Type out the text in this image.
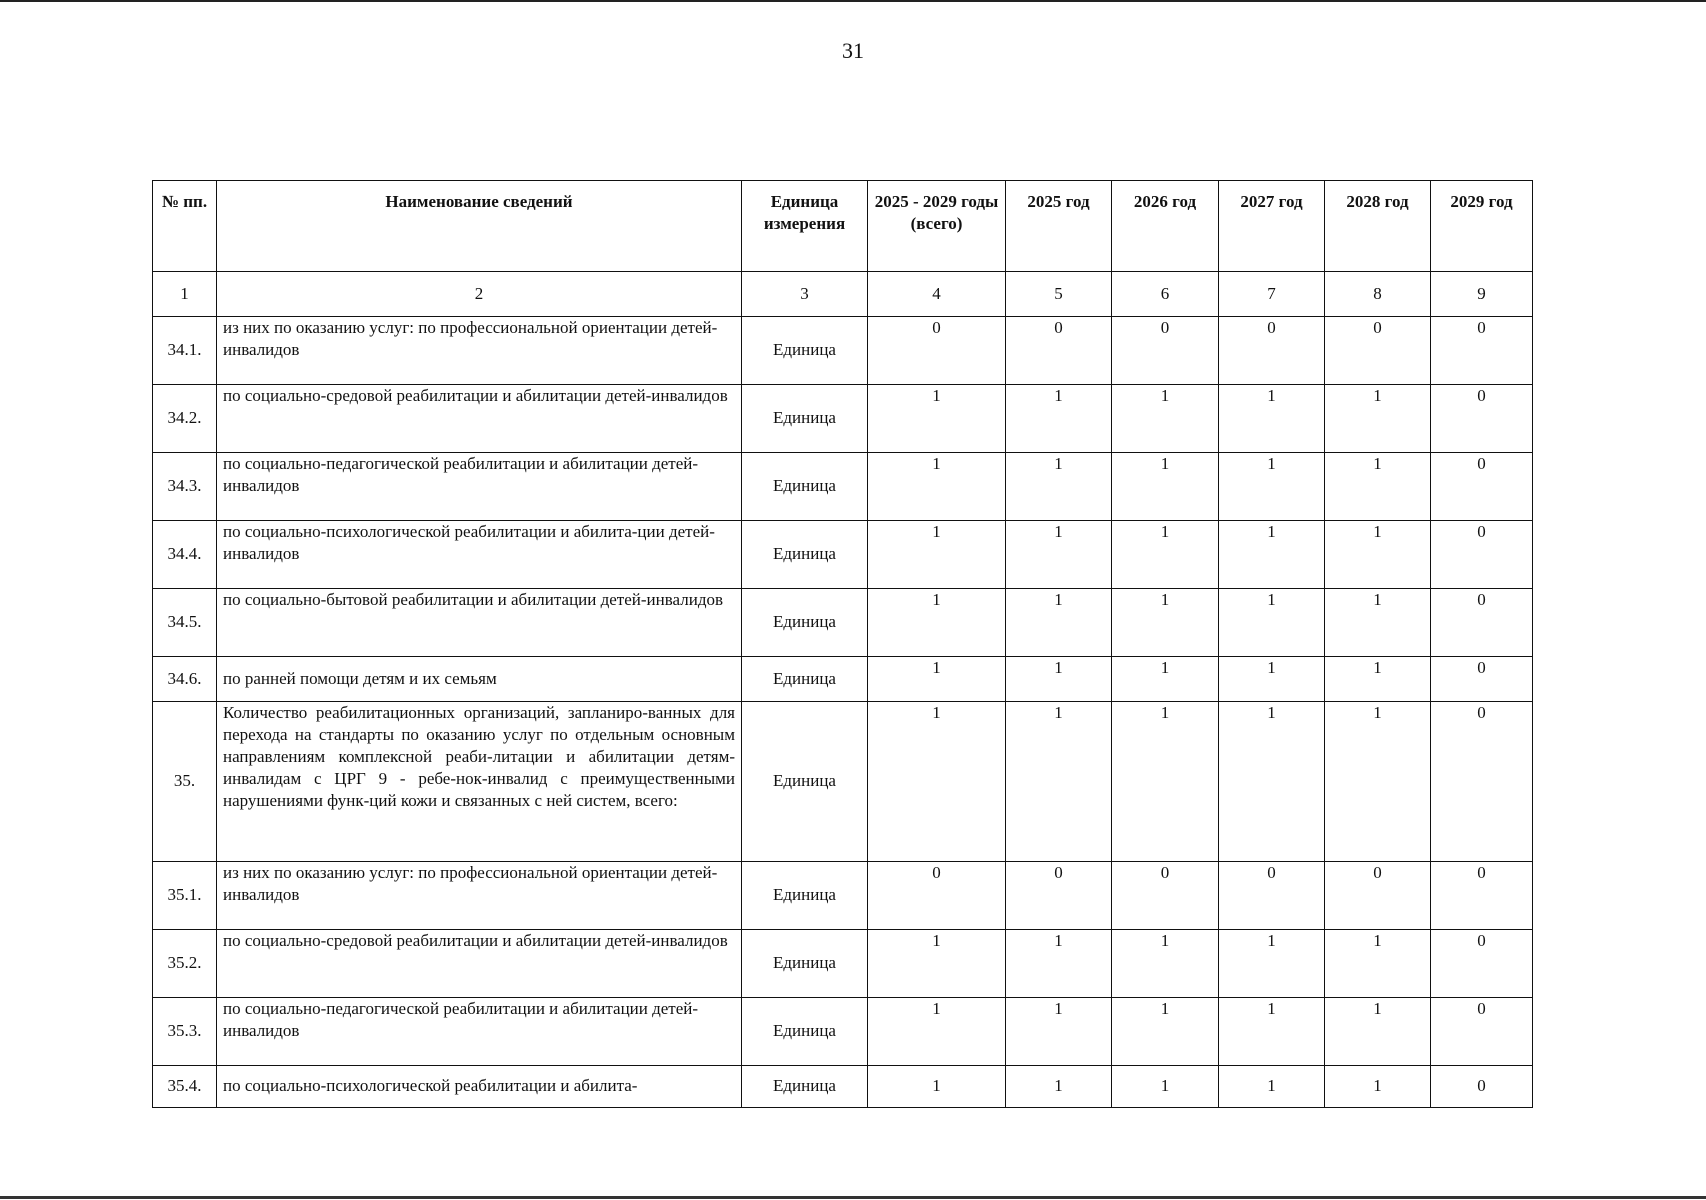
31
№ пп.	Наименование сведений	Единица измерения	2025 - 2029 годы (всего)	2025 год	2026 год	2027 год	2028 год	2029 год
1	2	3	4	5	6	7	8	9
34.1.	из них по оказанию услуг: по профессиональной ориентации детей-инвалидов	Единица	0	0	0	0	0	0
34.2.	по социально-средовой реабилитации и абилитации детей-инвалидов	Единица	1	1	1	1	1	0
34.3.	по социально-педагогической реабилитации и абилитации детей-инвалидов	Единица	1	1	1	1	1	0
34.4.	по социально-психологической реабилитации и абилита-ции детей-инвалидов	Единица	1	1	1	1	1	0
34.5.	по социально-бытовой реабилитации и абилитации детей-инвалидов	Единица	1	1	1	1	1	0
34.6.	по ранней помощи детям и их семьям	Единица	1	1	1	1	1	0
35.	Количество реабилитационных организаций, запланиро-ванных для перехода на стандарты по оказанию услуг по отдельным основным направлениям комплексной реаби-литации и абилитации детям-инвалидам с ЦРГ 9 - ребе-нок-инвалид с преимущественными нарушениями функ-ций кожи и связанных с ней систем, всего:	Единица	1	1	1	1	1	0
35.1.	из них по оказанию услуг: по профессиональной ориентации детей-инвалидов	Единица	0	0	0	0	0	0
35.2.	по социально-средовой реабилитации и абилитации детей-инвалидов	Единица	1	1	1	1	1	0
35.3.	по социально-педагогической реабилитации и абилитации детей-инвалидов	Единица	1	1	1	1	1	0
35.4.	по социально-психологической реабилитации и абилита-	Единица	1	1	1	1	1	0
